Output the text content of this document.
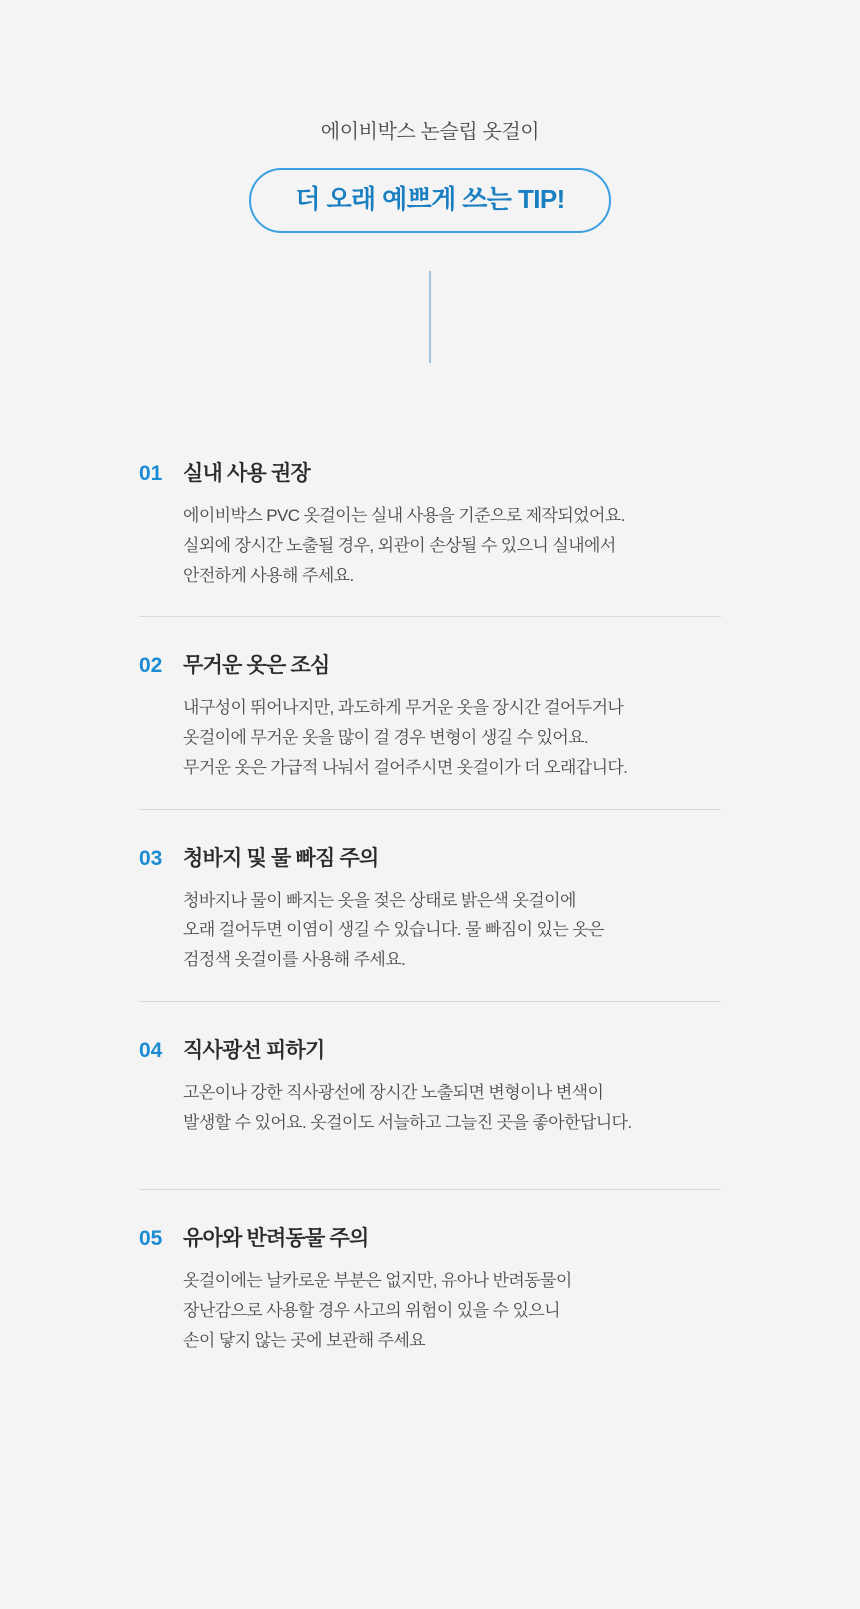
에이비박스 논슬립 옷걸이
더 오래 예쁘게 쓰는 TIP!
01 실내 사용 권장

에이비박스 PVC 옷걸이는 실내 사용을 기준으로 제작되었어요.

실외에 장시간 노출될 경우, 외관이 손상될 수 있으니 실내에서

안전하게 사용해 주세요.

02 무거운 옷은 조심

내구성이 뛰어나지만, 과도하게 무거운 옷을 장시간 걸어두거나

옷걸이에 무거운 옷을 많이 걸 경우 변형이 생길 수 있어요.

무거운 옷은 가급적 나눠서 걸어주시면 옷걸이가 더 오래갑니다.

03 청바지 및 물 빠짐 주의

청바지나 물이 빠지는 옷을 젖은 상태로 밝은색 옷걸이에

오래 걸어두면 이염이 생길 수 있습니다. 물 빠짐이 있는 옷은

검정색 옷걸이를 사용해 주세요.

04 직사광선 피하기

고온이나 강한 직사광선에 장시간 노출되면 변형이나 변색이

발생할 수 있어요. 옷걸이도 서늘하고 그늘진 곳을 좋아한답니다.

05 유아와 반려동물 주의

옷걸이에는 날카로운 부분은 없지만, 유아나 반려동물이

장난감으로 사용할 경우 사고의 위험이 있을 수 있으니

손이 닿지 않는 곳에 보관해 주세요
